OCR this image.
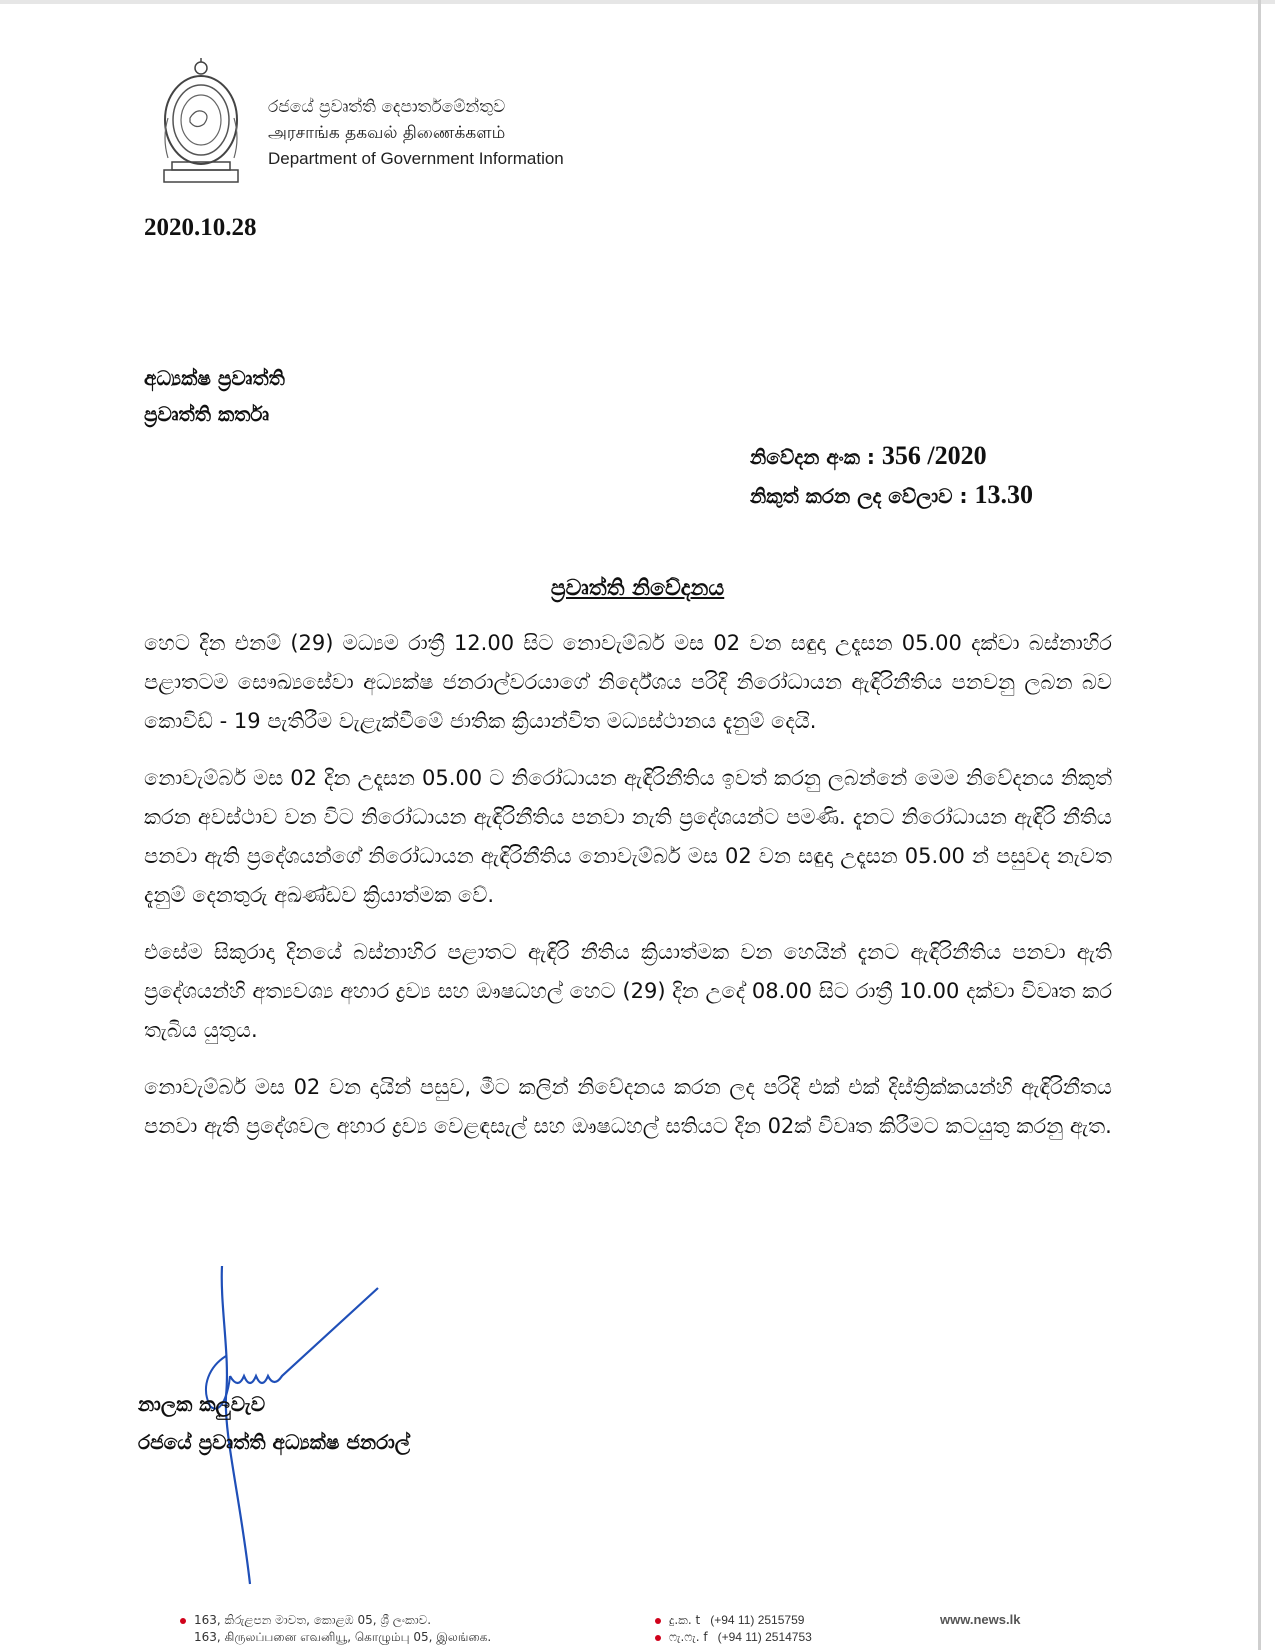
රජයේ ප්‍රවෘත්ති දෙපාර්තමේන්තුව
அரசாங்க தகவல் திணைக்களம்
Department of Government Information
2020.10.28
අධ්‍යක්ෂ ප්‍රවෘත්ති
ප්‍රවෘත්ති කර්තෘ
නිවේදන අංක : 356 /2020
නිකුත් කරන ලද වේලාව : 13.30
ප්‍රවෘත්ති නිවේදනය

හෙට දින එනම් (29) මධ්‍යම රාත්‍රී 12.00 සිට නොවැම්බර් මස 02 වන සඳුදා උදෑසන 05.00 දක්වා බස්නාහිර පළාතටම සෞඛ්‍යසේවා අධ්‍යක්ෂ ජනරාල්වරයාගේ නිර්දේශය පරිදි නිරෝධායන ඇඳිරිනීතිය පනවනු ලබන බව කොවිඩ් - 19 පැතිරීම වැළැක්වීමේ ජාතික ක්‍රියාන්විත මධ්‍යස්ථානය දැනුම් දෙයි.

නොවැම්බර් මස 02 දින උදෑසන 05.00 ට නිරෝධායන ඇඳිරිනීතිය ඉවත් කරනු ලබන්නේ මෙම නිවේදනය නිකුත් කරන අවස්ථාව වන විට නිරෝධායන ඇඳිරිනීතිය පනවා නැති ප්‍රදේශයන්ට පමණි. දැනට නිරෝධායන ඇඳිරි නීතිය පනවා ඇති ප්‍රදේශයන්ගේ නිරෝධායන ඇඳිරිනීතිය නොවැම්බර් මස 02 වන සඳුදා උදෑසන 05.00 න් පසුවද නැවත දැනුම් දෙනතුරු අඛණ්ඩව ක්‍රියාත්මක වේ.

එසේම සිකුරාදා දිනයේ බස්නාහිර පළාතට ඇඳිරි නීතිය ක්‍රියාත්මක වන හෙයින් දැනට ඇඳිරිනීතිය පනවා ඇති ප්‍රදේශයන්හි අත්‍යවශ්‍ය අහාර ද්‍රව්‍ය සහ ඖෂධහල් හෙට (29) දින උදේ 08.00 සිට රාත්‍රී 10.00 දක්වා විවෘත කර තැබිය යුතුය.

නොවැම්බර් මස 02 වන දායින් පසුව, මීට කලින් නිවේදනය කරන ලද පරිදි එක් එක් දිස්ත්‍රික්කයන්හි ඇඳිරිනීතය පනවා ඇති ප්‍රදේශවල අහාර ද්‍රව්‍ය වෙළඳසැල් සහ ඖෂධහල් සතියට දින 02ක් විවෘත කිරීමට කටයුතු කරනු ඇත.

නාලක කලුවැව
රජයේ ප්‍රවෘත්ති අධ්‍යක්ෂ ජනරාල්
163, කිරුළපන මාවත, කොළඹ 05, ශ්‍රී ලංකාව.
163, கிருலப்பனை எவனியூ, கொழும்பு 05, இலங்கை.
දු.ක. t (+94 11) 2515759
ෆැ.ෆැ. f (+94 11) 2514753
www.news.lk
